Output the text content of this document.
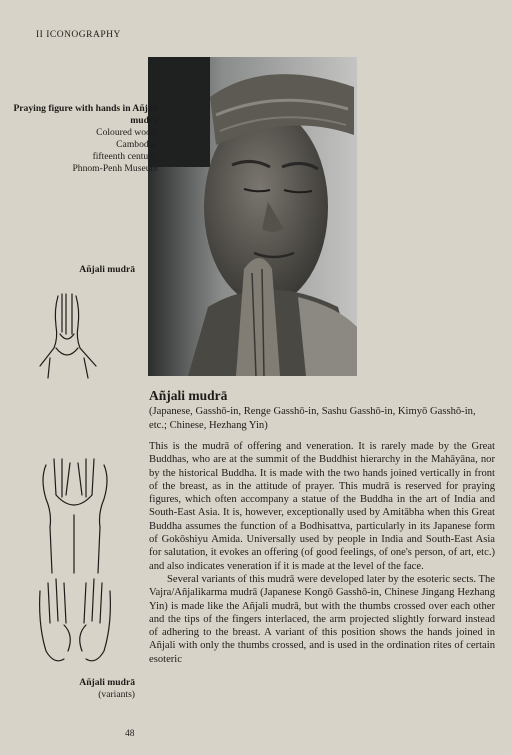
II ICONOGRAPHY
Praying figure with hands in Añjali mudrā
Coloured wood,
Cambodia,
fifteenth century,
Phnom-Penh Museum
Añjali mudrā
Añjali mudrā
(variants)
Añjali mudrā
(Japanese, Gasshō-in, Renge Gasshō-in, Sashu Gasshō-in, Kimyō Gasshō-in, etc.; Chinese, Hezhang Yin)

This is the mudrā of offering and veneration. It is rarely made by the Great Buddhas, who are at the summit of the Buddhist hierarchy in the Mahāyāna, nor by the historical Buddha. It is made with the two hands joined vertically in front of the breast, as in the attitude of prayer. This mudrā is reserved for praying figures, which often accompany a statue of the Buddha in the art of India and South-East Asia. It is, however, exceptionally used by Amitābha when this Great Buddha assumes the function of a Bodhisattva, particularly in its Japanese form of Gokōshiyu Amida. Universally used by people in India and South-East Asia for salutation, it evokes an offering (of good feelings, of one's person, of art, etc.) and also indicates veneration if it is made at the level of the face.

Several variants of this mudrā were developed later by the esoteric sects. The Vajra/Añjalikarma mudrā (Japanese Kongō Gasshō-in, Chinese Jingang Hezhang Yin) is made like the Añjali mudrā, but with the thumbs crossed over each other and the tips of the fingers interlaced, the arm projected slightly forward instead of adhering to the breast. A variant of this position shows the hands joined in Añjali with only the thumbs crossed, and is used in the ordination rites of certain esoteric

48
